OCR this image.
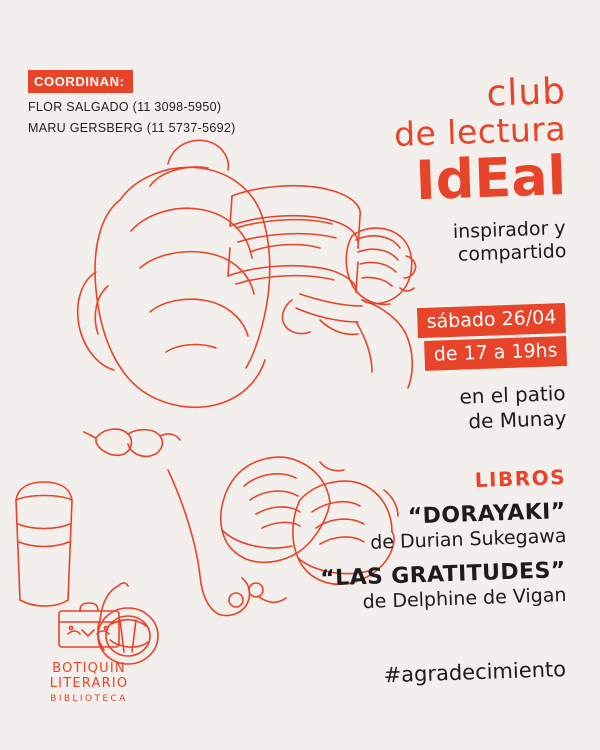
COORDINAN:
FLOR SALGADO (11 3098-5950)
MARU GERSBERG (11 5737-5692)
club
de lectura
IdEal
inspirador y
compartido
sábado 26/04
de 17 a 19hs
en el patio
de Munay
LIBROS
“DORAYAKI”
de Durian Sukegawa
“LAS GRATITUDES”
de Delphine de Vigan
#agradecimiento
BOTIQUIN
LITERARIO
BIBLIOTECA
